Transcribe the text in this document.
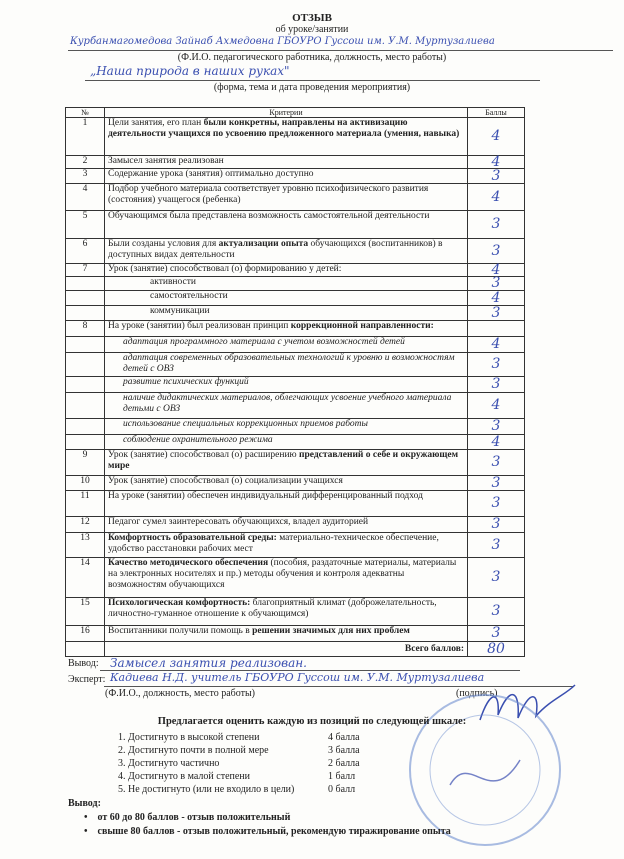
ОТЗЫВ
об уроке/занятии
Курбанмагомедова Зайнаб Ахмедовна ГБОУРО Гуссош им. У.М. Муртузалиева
(Ф.И.О. педагогического работника, должность, место работы)
„Наша природа в наших руках"
(форма, тема и дата проведения мероприятия)
№	Критерии	Баллы
1	Цели занятия, его план были конкретны, направлены на активизацию деятельности учащихся по усвоению предложенного материала (умения, навыка)	4
2	Замысел занятия реализован	4
3	Содержание урока (занятия) оптимально доступно	3
4	Подбор учебного материала соответствует уровню психофизического развития (состояния) учащегося (ребенка)	4
5	Обучающимся была представлена возможность самостоятельной деятельности	3
6	Были созданы условия для актуализации опыта обучающихся (воспитанников) в доступных видах деятельности	3
7	Урок (занятие) способствовал (о) формированию у детей:	4
	активности	3
	самостоятельности	4
	коммуникации	3
8	На уроке (занятии) был реализован принцип коррекционной направленности:	
	адаптация программного материала с учетом возможностей детей	4
	адаптация современных образовательных технологий к уровню и возможностям детей с ОВЗ	3
	развитие психических функций	3
	наличие дидактических материалов, облегчающих усвоение учебного материала детьми с ОВЗ	4
	использование специальных коррекционных приемов работы	3
	соблюдение охранительного режима	4
9	Урок (занятие) способствовал (о) расширению представлений о себе и окружающем мире	3
10	Урок (занятие) способствовал (о) социализации учащихся	3
11	На уроке (занятии) обеспечен индивидуальный дифференцированный подход	3
12	Педагог сумел заинтересовать обучающихся, владел аудиторией	3
13	Комфортность образовательной среды: материально-техническое обеспечение, удобство расстановки рабочих мест	3
14	Качество методического обеспечения (пособия, раздаточные материалы, материалы на электронных носителях и пр.) методы обучения и контроля адекватны возможностям обучающихся	3
15	Психологическая комфортность: благоприятный климат (доброжелательность, личностно-гуманное отношение к обучающимся)	3
16	Воспитанники получили помощь в решении значимых для них проблем	3
	Всего баллов:	80
Вывод: Замысел занятия реализован.
Эксперт: Кадиева Н.Д. учитель ГБОУРО Гуссош им. У.М. Муртузалиева
(Ф.И.О., должность, место работы)	(подпись)
Предлагается оценить каждую из позиций по следующей шкале:
1. Достигнуто в высокой степени	4 балла
2. Достигнуто почти в полной мере	3 балла
3. Достигнуто частично	2 балла
4. Достигнуто в малой степени	1 балл
5. Не достигнуто (или не входило в цели)	0 балл
Вывод:
•    от 60 до 80 баллов - отзыв положительный
•    свыше 80 баллов - отзыв положительный, рекомендую тиражирование опыта
